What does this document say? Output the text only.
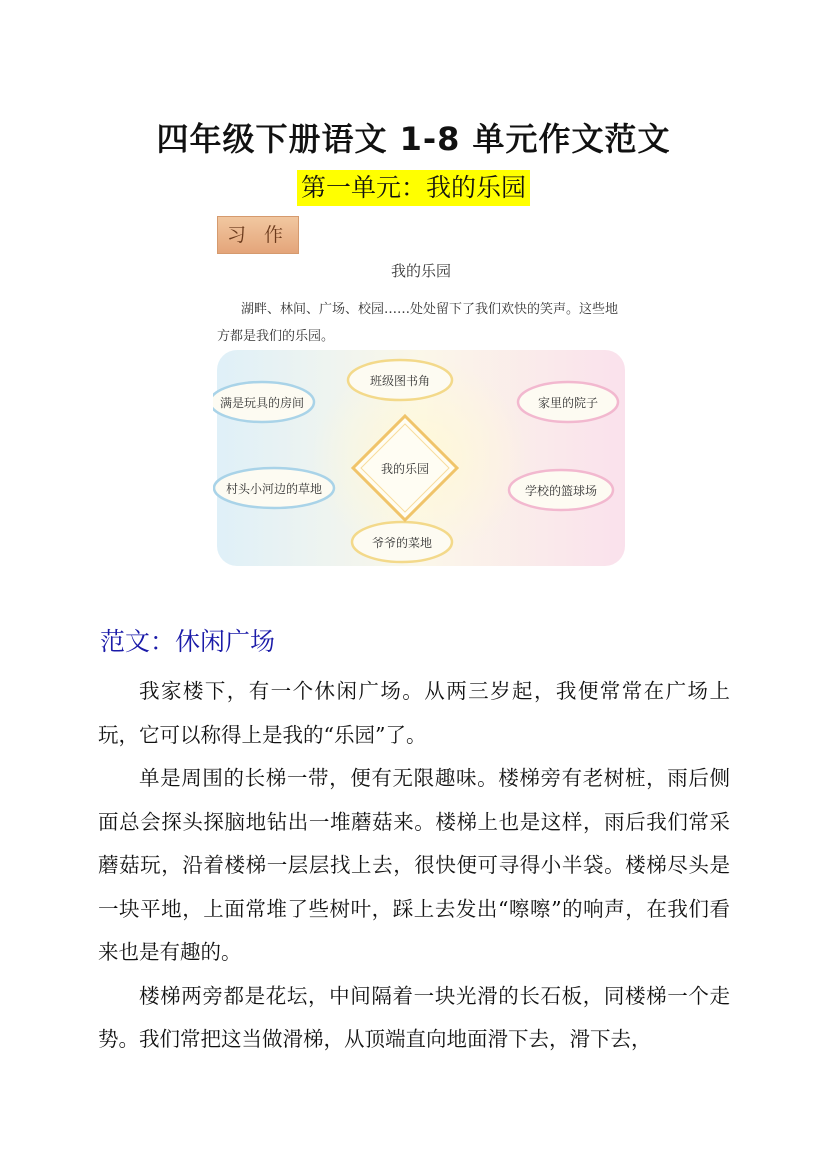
四年级下册语文 1-8 单元作文范文
第一单元：我的乐园
习 作
我的乐园
湖畔、林间、广场、校园……处处留下了我们欢快的笑声。这些地方都是我们的乐园。
班级图书角
满是玩具的房间	家里的院子
村头小河边的草地	学校的篮球场
爷爷的菜地
我的乐园
范文：休闲广场

我家楼下，有一个休闲广场。从两三岁起，我便常常在广场上玩，它可以称得上是我的“乐园”了。

单是周围的长梯一带，便有无限趣味。楼梯旁有老树桩，雨后侧面总会探头探脑地钻出一堆蘑菇来。楼梯上也是这样，雨后我们常采蘑菇玩，沿着楼梯一层层找上去，很快便可寻得小半袋。楼梯尽头是一块平地，上面常堆了些树叶，踩上去发出“嚓嚓”的响声，在我们看来也是有趣的。

楼梯两旁都是花坛，中间隔着一块光滑的长石板，同楼梯一个走势。我们常把这当做滑梯，从顶端直向地面滑下去，滑下去，
